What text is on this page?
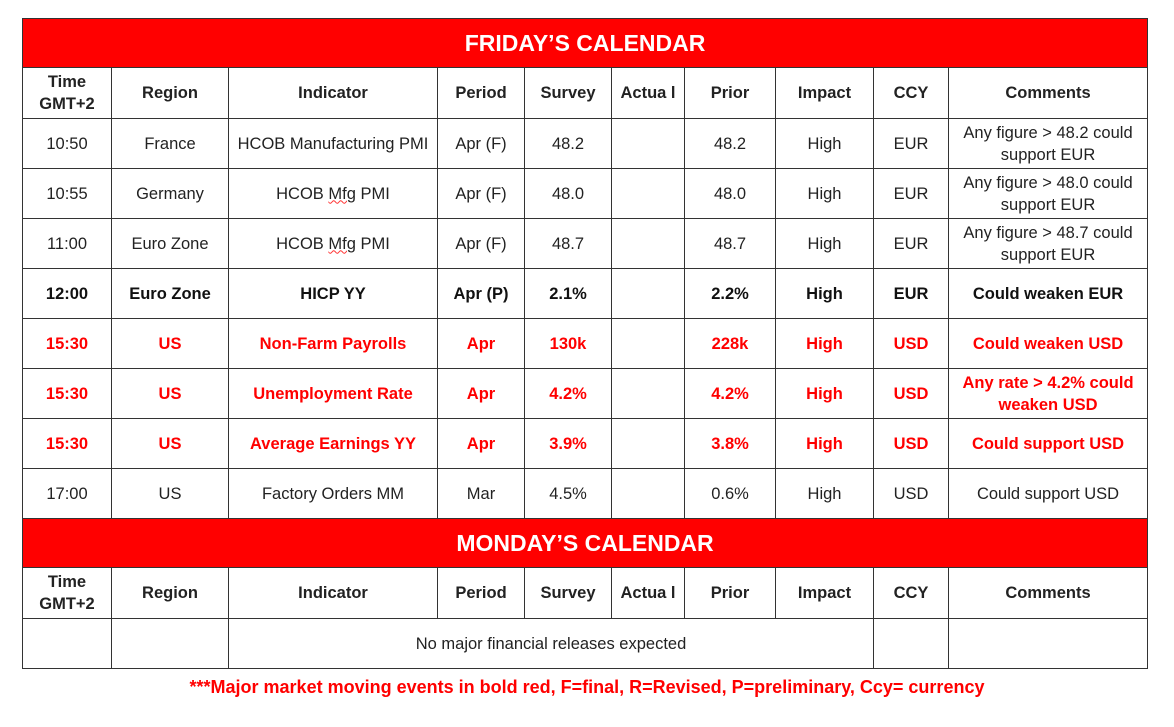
FRIDAY’S CALENDAR									
Time GMT+2	Region	Indicator	Period	Survey	Actua l	Prior	Impact	CCY	Comments
10:50	France	HCOB Manufacturing PMI	Apr (F)	48.2		48.2	High	EUR	Any figure > 48.2 could support EUR
10:55	Germany	HCOB Mfg PMI	Apr (F)	48.0		48.0	High	EUR	Any figure > 48.0 could support EUR
11:00	Euro Zone	HCOB Mfg PMI	Apr (F)	48.7		48.7	High	EUR	Any figure > 48.7 could support EUR
12:00	Euro Zone	HICP YY	Apr (P)	2.1%		2.2%	High	EUR	Could weaken EUR
15:30	US	Non-Farm Payrolls	Apr	130k		228k	High	USD	Could weaken USD
15:30	US	Unemployment Rate	Apr	4.2%		4.2%	High	USD	Any rate > 4.2% could weaken USD
15:30	US	Average Earnings YY	Apr	3.9%		3.8%	High	USD	Could support USD
17:00	US	Factory Orders MM	Mar	4.5%		0.6%	High	USD	Could support USD
MONDAY’S CALENDAR									
Time GMT+2	Region	Indicator	Period	Survey	Actua l	Prior	Impact	CCY	Comments
		No major financial releases expected							
***Major market moving events in bold red, F=final, R=Revised, P=preliminary, Ccy= currency
